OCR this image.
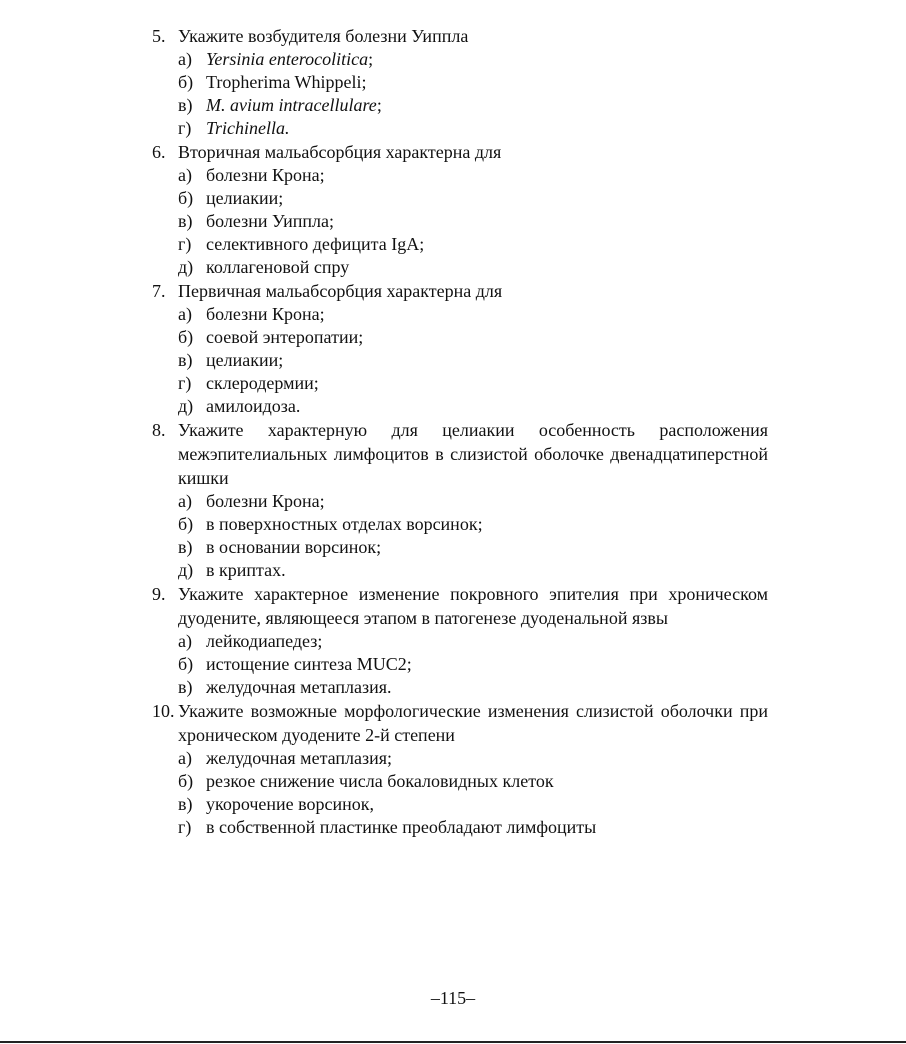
5. Укажите возбудителя болезни Уиппла
а) Yersinia enterocolitica;
б) Tropherima Whippeli;
в) M. avium intracellulare;
г) Trichinella.
6. Вторичная мальабсорбция характерна для
а) болезни Крона;
б) целиакии;
в) болезни Уиппла;
г) селективного дефицита IgA;
д) коллагеновой спру
7. Первичная мальабсорбция характерна для
а) болезни Крона;
б) соевой энтеропатии;
в) целиакии;
г) склеродермии;
д) амилоидоза.
8. Укажите характерную для целиакии особенность расположения межэпителиальных лимфоцитов в слизистой оболочке двенадцатиперстной кишки
а) болезни Крона;
б) в поверхностных отделах ворсинок;
в) в основании ворсинок;
д) в криптах.
9. Укажите характерное изменение покровного эпителия при хроническом дуодените, являющееся этапом в патогенезе дуоденальной язвы
а) лейкодиапедез;
б) истощение синтеза MUC2;
в) желудочная метаплазия.
10. Укажите возможные морфологические изменения слизистой оболочки при хроническом дуодените 2-й степени
а) желудочная метаплазия;
б) резкое снижение числа бокаловидных клеток
в) укорочение ворсинок,
г) в собственной пластинке преобладают лимфоциты
–115–
